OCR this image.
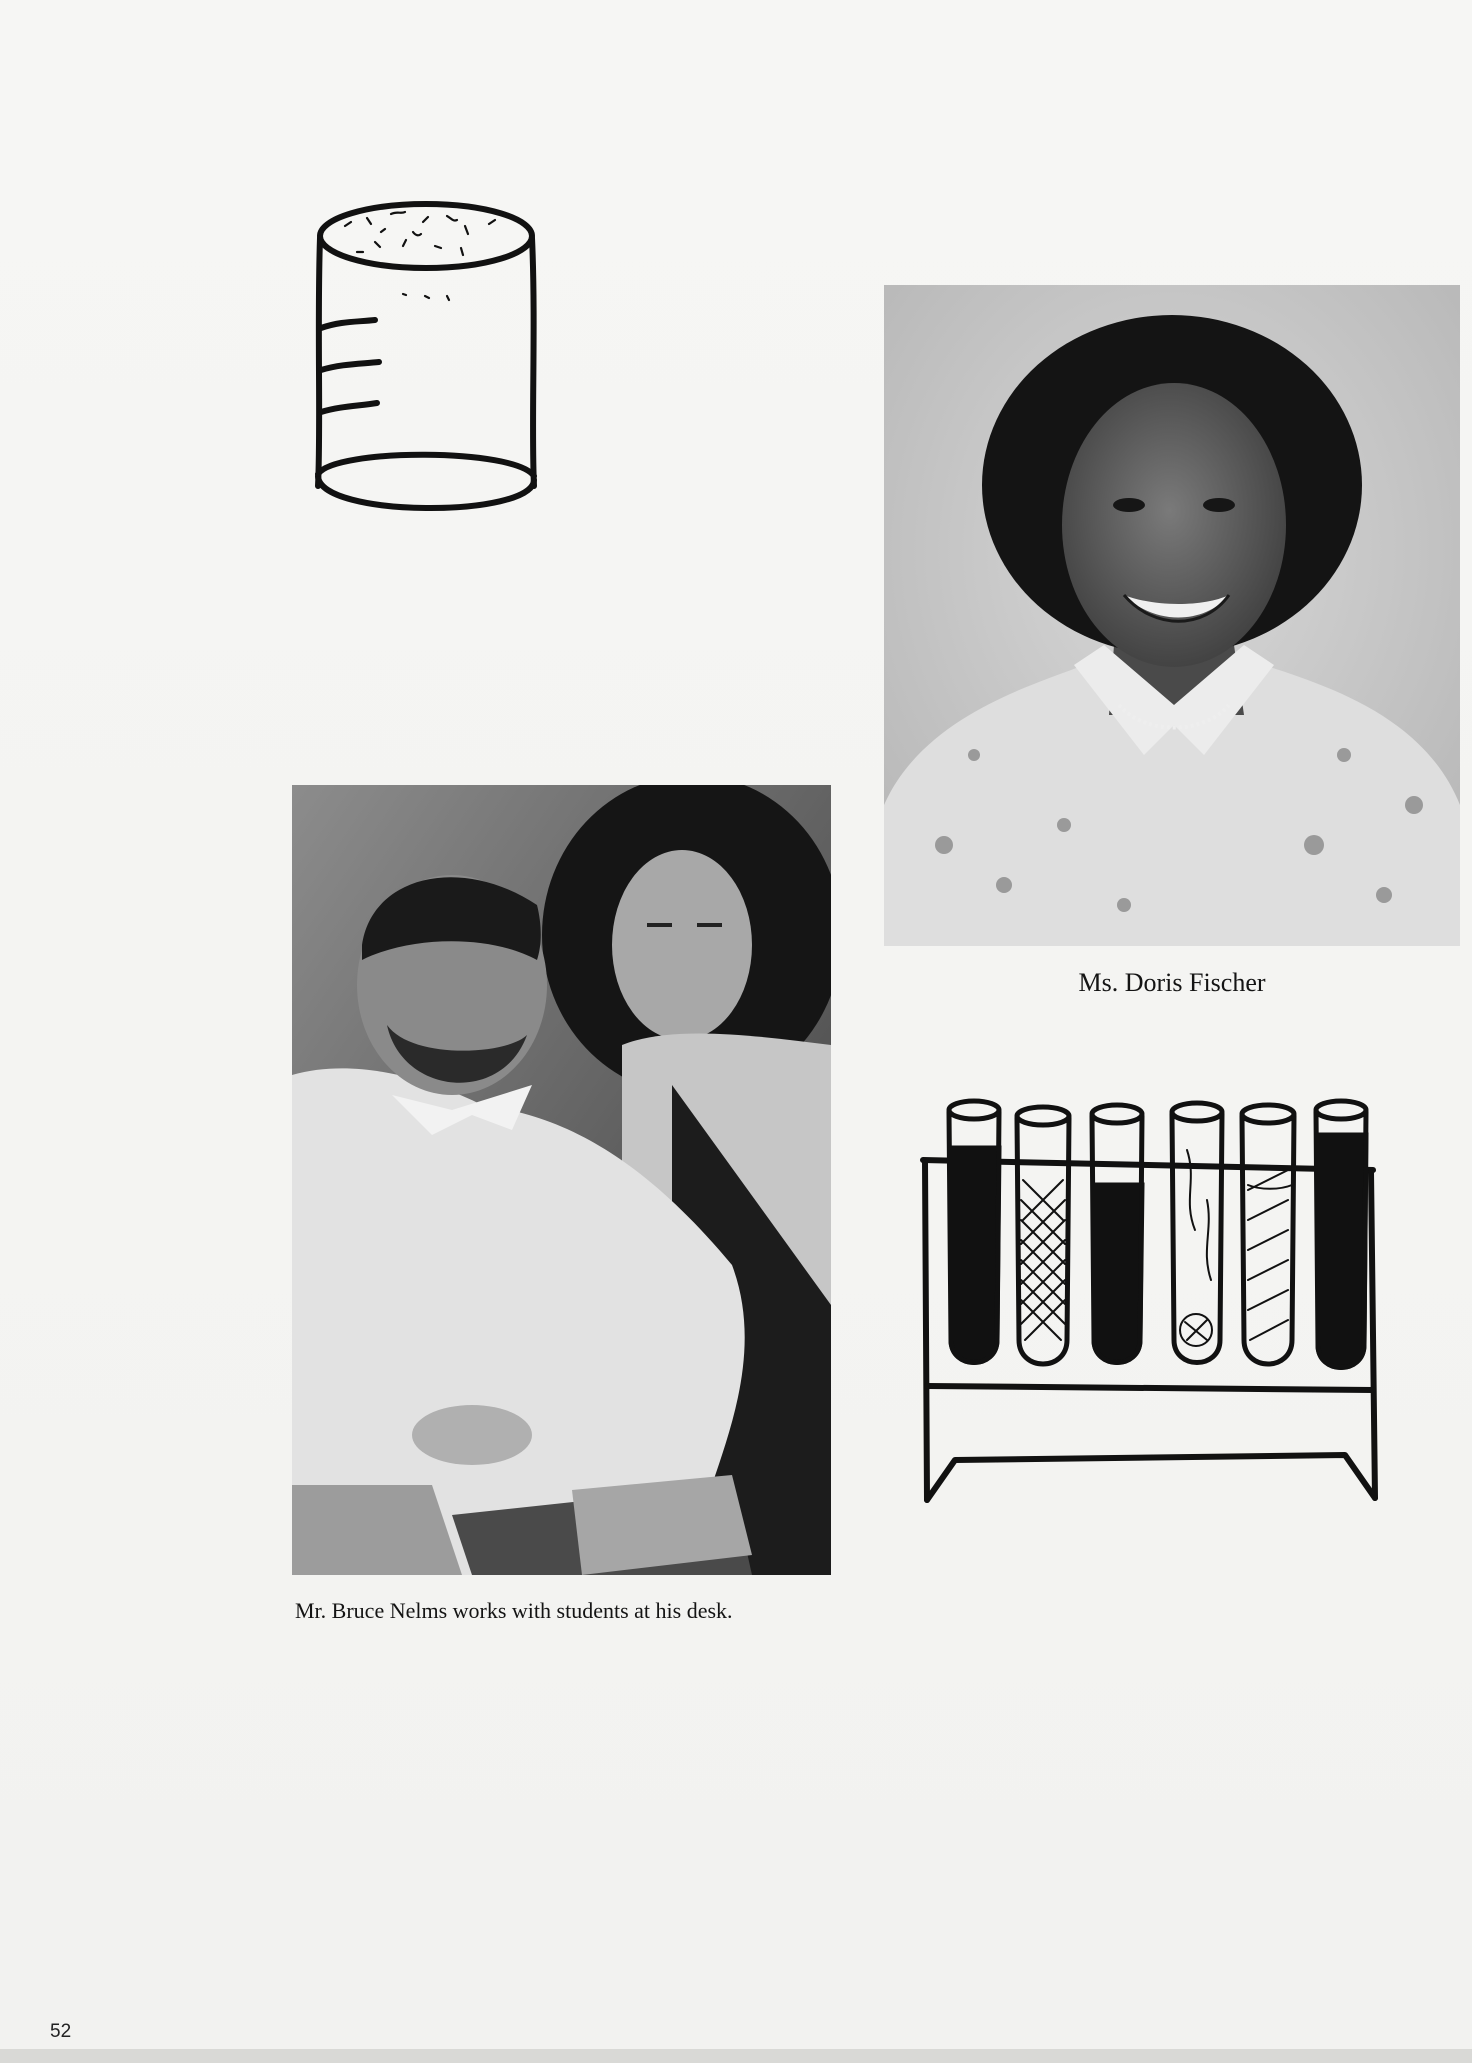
Ms. Doris Fischer
Mr. Bruce Nelms works with students at his desk.
52
